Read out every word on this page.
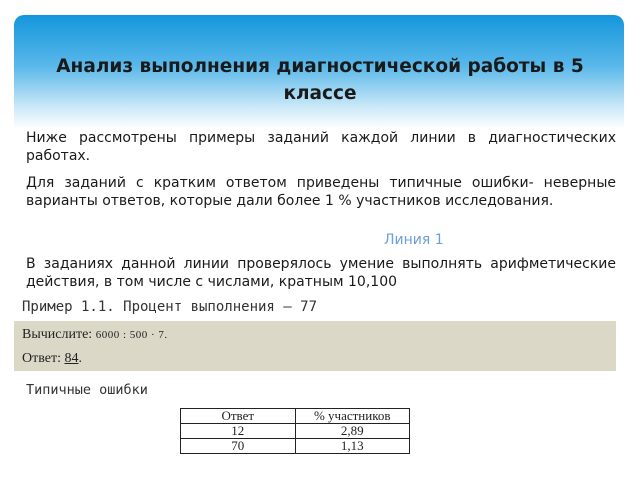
Анализ выполнения диагностической работы в 5 классе
Ниже рассмотрены примеры заданий каждой линии в диагностических работах.
Для заданий с кратким ответом приведены типичные ошибки- неверные варианты ответов, которые дали более 1 % участников исследования.
Линия 1
В заданиях данной линии проверялось умение выполнять арифметические действия, в том числе с числами, кратным 10,100
Пример 1.1. Процент выполнения – 77
Вычислите: 6000 : 500 · 7.
Ответ: 84.
Типичные ошибки
Ответ	% участников
12	2,89
70	1,13
